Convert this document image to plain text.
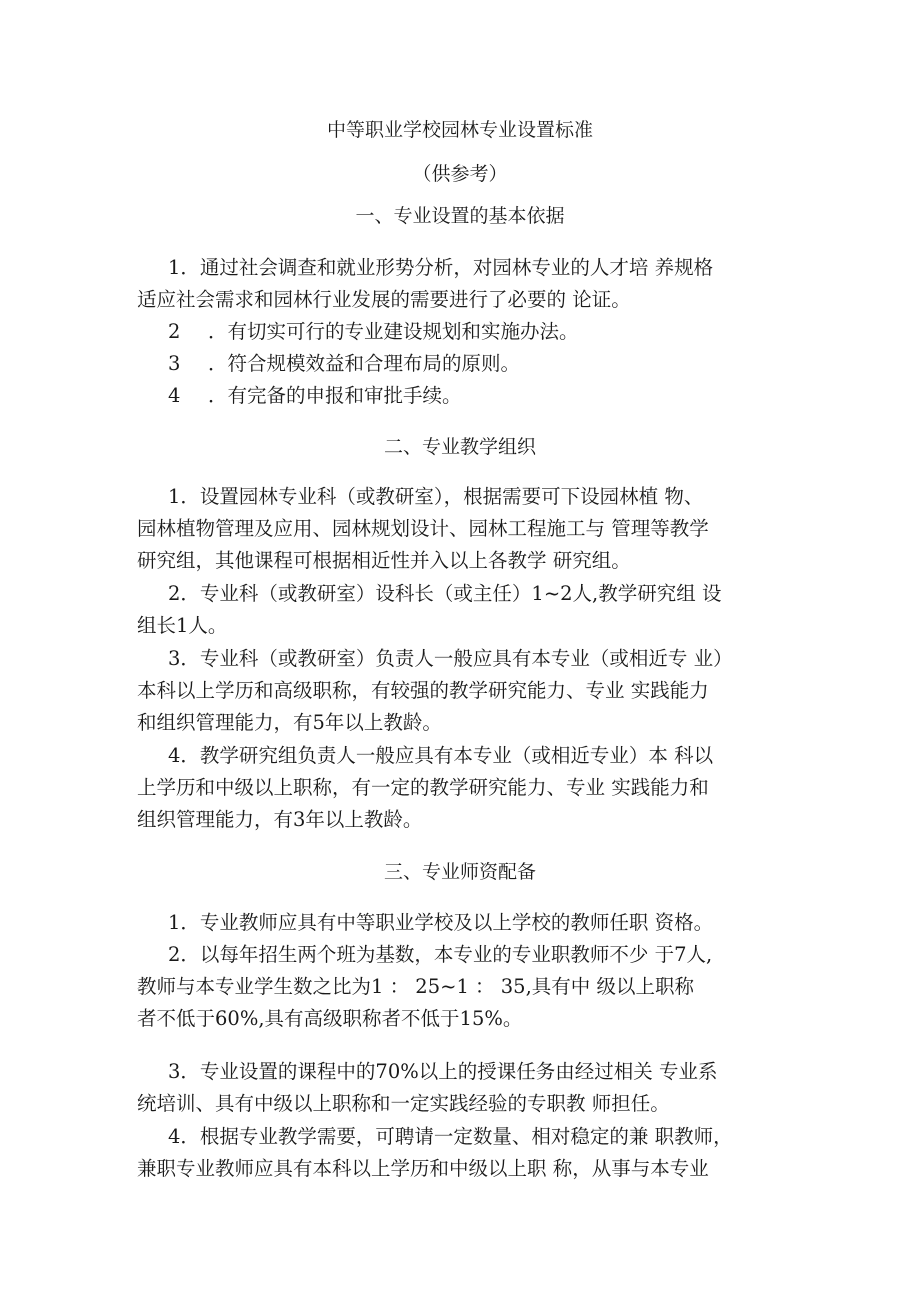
中等职业学校园林专业设置标准
（供参考）
一、专业设置的基本依据
1．通过社会调查和就业形势分析，对园林专业的人才培 养规格
适应社会需求和园林行业发展的需要进行了必要的 论证。
2 ．有切实可行的专业建设规划和实施办法。
3 ．符合规模效益和合理布局的原则。
4 ．有完备的申报和审批手续。
二、专业教学组织
1．设置园林专业科（或教研室），根据需要可下设园林植 物、
园林植物管理及应用、园林规划设计、园林工程施工与 管理等教学
研究组，其他课程可根据相近性并入以上各教学 研究组。
2．专业科（或教研室）设科长（或主任）1~2人,教学研究组 设
组长1人。
3．专业科（或教研室）负责人一般应具有本专业（或相近专 业）
本科以上学历和高级职称，有较强的教学研究能力、专业 实践能力
和组织管理能力，有5年以上教龄。
4．教学研究组负责人一般应具有本专业（或相近专业）本 科以
上学历和中级以上职称，有一定的教学研究能力、专业 实践能力和
组织管理能力，有3年以上教龄。
三、专业师资配备
1．专业教师应具有中等职业学校及以上学校的教师任职 资格。
2．以每年招生两个班为基数，本专业的专业职教师不少 于7人,
教师与本专业学生数之比为1 ： 25~1 ： 35,具有中 级以上职称
者不低于60%,具有高级职称者不低于15%。
3．专业设置的课程中的70%以上的授课任务由经过相关 专业系
统培训、具有中级以上职称和一定实践经验的专职教 师担任。
4．根据专业教学需要，可聘请一定数量、相对稳定的兼 职教师，
兼职专业教师应具有本科以上学历和中级以上职 称，从事与本专业
